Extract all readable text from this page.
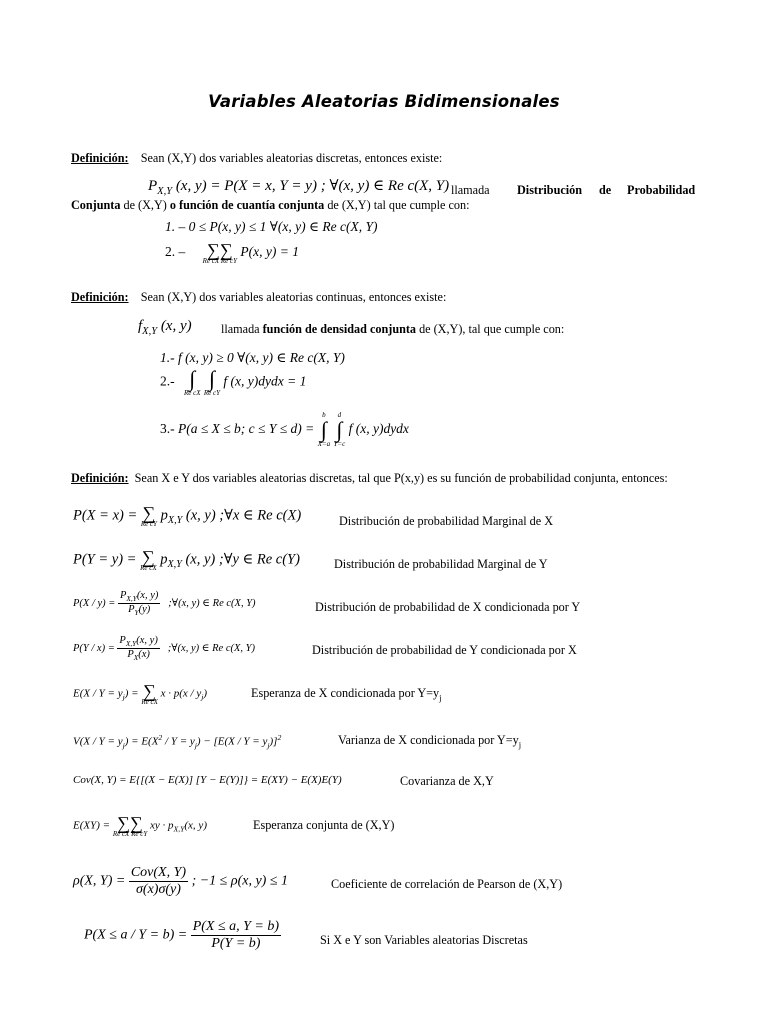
Variables Aleatorias Bidimensionales
Definición: Sean (X,Y) dos variables aleatorias discretas, entonces existe:
$P_{X,Y}$ (x, y) = P(X = x, Y = y) ; ∀(x, y) ∈ Re c(X, Y) llamada Distribución de Probabilidad
Conjunta de (X,Y) o función de cuantía conjunta de (X,Y) tal que cumple con:
1. – 0 ≤ P(x, y) ≤ 1 ∀(x, y) ∈ Re c(X, Y)
2. – ∑∑
Re cX Re cY
P(x, y) = 1
Definición: Sean (X,Y) dos variables aleatorias continuas, entonces existe:
$f_{X,Y}$ (x, y) llamada función de densidad conjunta de (X,Y), tal que cumple con:
1.- f (x, y) ≥ 0 ∀(x, y) ∈ Re c(X, Y)
2.- ∫
Re cX

∫
Re cY
f (x, y)dydx = 1
3.- P(a ≤ X ≤ b; c ≤ Y ≤ d) =
b
∫
X=a

d
∫
Y=c
f (x, y)dydx
Definición: Sean X e Y dos variables aleatorias discretas, tal que P(x,y) es su función de probabilidad conjunta, entonces:
P(X = x) = ∑
Re cY
$p_{X,Y}$ (x, y) ;∀x ∈ Re c(X)	Distribución de probabilidad Marginal de X
P(Y = y) = ∑
Re cX
$p_{X,Y}$ (x, y) ;∀y ∈ Re c(Y)	Distribución de probabilidad Marginal de Y
$P(X / y) = \frac{P_{X,Y}(x, y)}{P_Y(y)}$ ;∀(x, y) ∈ Re c(X, Y)	Distribución de probabilidad de X condicionada por Y
$P(Y / x) = \frac{P_{X,Y}(x, y)}{P_X(x)}$ ;∀(x, y) ∈ Re c(X, Y)	Distribución de probabilidad de Y condicionada por X
$E(X / Y = y_j)$ = ∑
Re cX
$x \cdot p(x / y_j)$	Esperanza de X condicionada por $Y=y_j$
$V(X / Y = y_j) = E(X^2 / Y = y_j) - [E(X / Y = y_j)]^2$	Varianza de X condicionada por $Y=y_j$
Cov(X, Y) = E{[(X − E(X)] [Y − E(Y)]} = E(XY) − E(X)E(Y)	Covarianza de X,Y
E(XY) = ∑∑
Re cX Re cY
xy · $p_{X,Y}(x$, y)	Esperanza conjunta de (X,Y)
ρ(X, $Y) = \frac{\text{Cov(X, Y)}}{\sigma(x)\sigma(y)}$ ; −1 ≤ ρ(x, y) ≤ 1	Coeficiente de correlación de Pearson de (X,Y)
$P(X \le a / Y = b) = \frac{P(X \le a, Y = b)}{P(Y = b)}$	Si X e Y son Variables aleatorias Discretas
